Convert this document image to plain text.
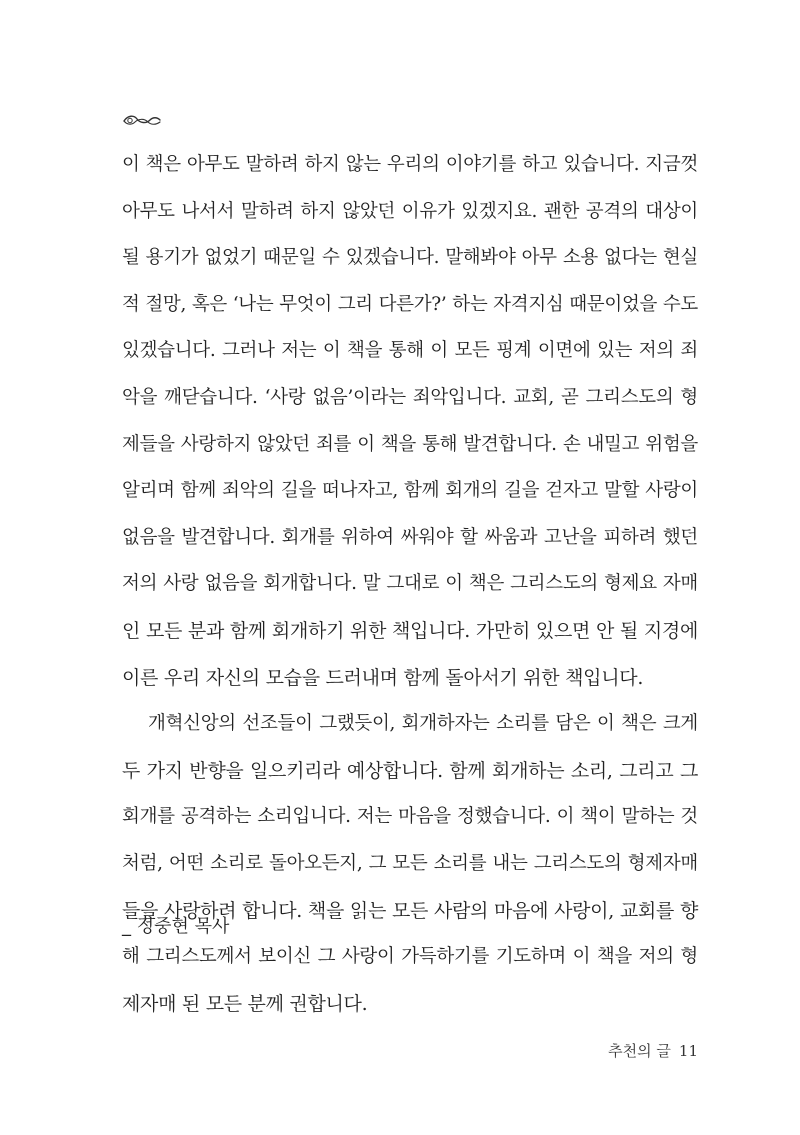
이 책은 아무도 말하려 하지 않는 우리의 이야기를 하고 있습니다. 지금껏
아무도 나서서 말하려 하지 않았던 이유가 있겠지요. 괜한 공격의 대상이
될 용기가 없었기 때문일 수 있겠습니다. 말해봐야 아무 소용 없다는 현실
적 절망, 혹은 ‘나는 무엇이 그리 다른가?’ 하는 자격지심 때문이었을 수도
있겠습니다. 그러나 저는 이 책을 통해 이 모든 핑계 이면에 있는 저의 죄
악을 깨닫습니다. ‘사랑 없음’이라는 죄악입니다. 교회, 곧 그리스도의 형
제들을 사랑하지 않았던 죄를 이 책을 통해 발견합니다. 손 내밀고 위험을
알리며 함께 죄악의 길을 떠나자고, 함께 회개의 길을 걷자고 말할 사랑이
없음을 발견합니다. 회개를 위하여 싸워야 할 싸움과 고난을 피하려 했던
저의 사랑 없음을 회개합니다. 말 그대로 이 책은 그리스도의 형제요 자매
인 모든 분과 함께 회개하기 위한 책입니다. 가만히 있으면 안 될 지경에
이른 우리 자신의 모습을 드러내며 함께 돌아서기 위한 책입니다.
개혁신앙의 선조들이 그랬듯이, 회개하자는 소리를 담은 이 책은 크게
두 가지 반향을 일으키리라 예상합니다. 함께 회개하는 소리, 그리고 그
회개를 공격하는 소리입니다. 저는 마음을 정했습니다. 이 책이 말하는 것
처럼, 어떤 소리로 돌아오든지, 그 모든 소리를 내는 그리스도의 형제자매
들을 사랑하려 합니다. 책을 읽는 모든 사람의 마음에 사랑이, 교회를 향
해 그리스도께서 보이신 그 사랑이 가득하기를 기도하며 이 책을 저의 형
제자매 된 모든 분께 권합니다.
_ 정중현 목사
추천의 글 11
